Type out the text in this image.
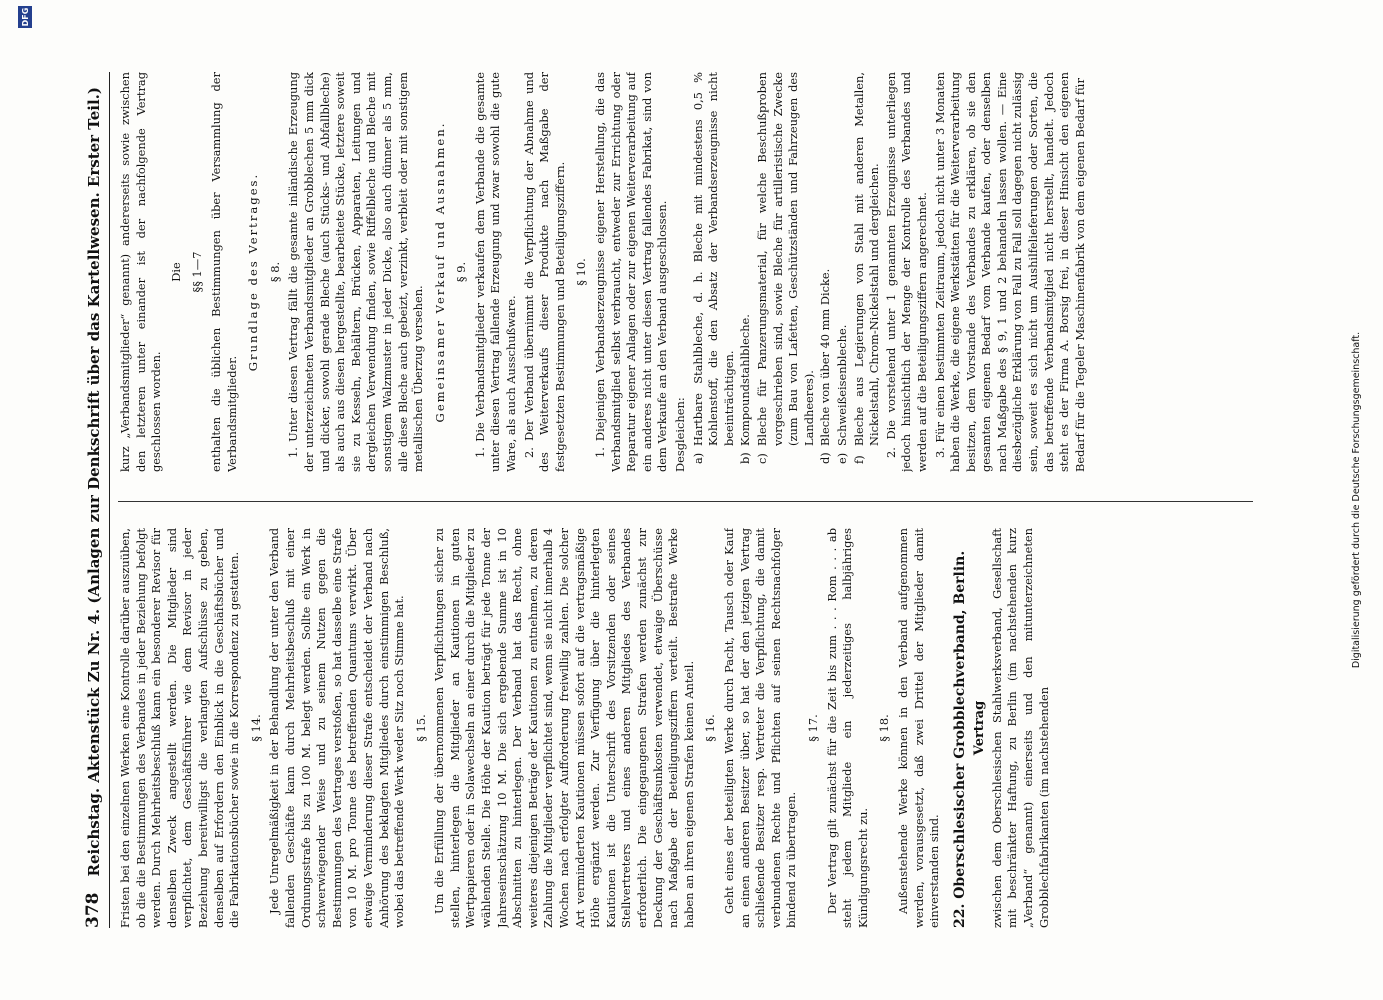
378
Reichstag. Aktenstück Zu Nr. 4. (Anlagen zur Denkschrift über das Kartellwesen. Erster Teil.) Fristen bei den einzelnen Werken eine Kontrolle darüber auszuüben, ob die die Bestimmungen des Verbandes in jeder Beziehung befolgt werden. Durch Mehrheitsbeschluß kann ein besonderer Revisor für denselben Zweck angestellt werden. Die Mitglieder sind verpflichtet, dem Geschäftsführer wie dem Revisor in jeder Beziehung bereitwilligst die verlangten Aufschlüsse zu geben, denselben auf Erfordern den Einblick in die Geschäftsbücher und die Fabrikationsbücher sowie in die Korrespondenz zu gestatten. § 14. Jede Unregelmäßigkeit in der Behandlung der unter den Verband fallenden Geschäfte kann durch Mehrheitsbeschluß mit einer Ordnungsstrafe bis zu 100 M. belegt werden. Sollte ein Werk in schwerwiegender Weise und zu seinem Nutzen gegen die Bestimmungen des Vertrages verstoßen, so hat dasselbe eine Strafe von 10 M. pro Tonne des betreffenden Quantums verwirkt. Über etwaige Verminderung dieser Strafe entscheidet der Verband nach Anhörung des beklagten Mitgliedes durch einstimmigen Beschluß, wobei das betreffende Werk weder Sitz noch Stimme hat. § 15. Um die Erfüllung der übernommenen Verpflichtungen sicher zu stellen, hinterlegen die Mitglieder an Kautionen in guten Wertpapieren oder in Solawechseln an einer durch die Mitglieder zu wählenden Stelle. Die Höhe der Kaution beträgt für jede Tonne der Jahreseinschätzung 10 M. Die sich ergebende Summe ist in 10 Abschnitten zu hinterlegen. Der Verband hat das Recht, ohne weiteres diejenigen Beträge der Kautionen zu entnehmen, zu deren Zahlung die Mitglieder verpflichtet sind, wenn sie nicht innerhalb 4 Wochen nach erfolgter Aufforderung freiwillig zahlen. Die solcher Art verminderten Kautionen müssen sofort auf die vertragsmäßige Höhe ergänzt werden. Zur Verfügung über die hinterlegten Kautionen ist die Unterschrift des Vorsitzenden oder seines Stellvertreters und eines anderen Mitgliedes des Verbandes erforderlich. Die eingegangenen Strafen werden zunächst zur Deckung der Geschäftsunkosten verwendet, etwaige Überschüsse nach Maßgabe der Beteiligungsziffern verteilt. Bestrafte Werke haben an ihren eigenen Strafen keinen Anteil. § 16. Geht eines der beteiligten Werke durch Pacht, Tausch oder Kauf an einen anderen Besitzer über, so hat der den jetzigen Vertrag schließende Besitzer resp. Vertreter die Verpflichtung, die damit verbundenen Rechte und Pflichten auf seinen Rechtsnachfolger bindend zu übertragen.

§ 17. Der Vertrag gilt zunächst für die Zeit bis zum . . . Rom . . . ab steht jedem Mitgliede ein jederzeitiges halbjähriges Kündigungsrecht zu.

§ 18. Außenstehende Werke können in den Verband aufgenommen werden, vorausgesetzt, daß zwei Drittel der Mitglieder damit einverstanden sind. 22. Oberschlesischer Grobblechverband, Berlin. Vertrag zwischen dem Oberschlesischen Stahlwerksverband, Gesellschaft mit beschränkter Haftung, zu Berlin (im nachstehenden kurz „Verband“ genannt) einerseits und den mitunterzeichneten Grobblechfabrikanten (im nachstehenden

kurz „Verbandsmitglieder“ genannt) andererseits sowie zwischen den letzteren unter einander ist der nachfolgende Vertrag geschlossen worden.

Die §§ 1—7 enthalten die üblichen Bestimmungen über Versammlung der Verbandsmitglieder.

Grundlage des Vertrages. § 8. 1. Unter diesen Vertrag fällt die gesamte inländische Erzeugung der unterzeichneten Verbandsmitglieder an Grobblechen 5 mm dick und dicker, sowohl gerade Bleche (auch Stücks- und Abfallbleche) als auch aus diesen hergestellte, bearbeitete Stücke, letztere soweit sie zu Kesseln, Behältern, Brücken, Apparaten, Leitungen und dergleichen Verwendung finden, sowie Riffelbleche und Bleche mit sonstigem Walzmuster in jeder Dicke, also auch dünner als 5 mm, alle diese Bleche auch gebeizt, verzinkt, verbleit oder mit sonstigem metallischen Überzug versehen. Gemeinsamer Verkauf und Ausnahmen. § 9. 1. Die Verbandsmitglieder verkaufen dem Verbande die gesamte unter diesen Vertrag fallende Erzeugung und zwar sowohl die gute Ware, als auch Ausschußware. 2. Der Verband übernimmt die Verpflichtung der Abnahme und des Weiterverkaufs dieser Produkte nach Maßgabe der festgesetzten Bestimmungen und Beteiligungsziffern. § 10. 1. Diejenigen Verbandserzeugnisse eigener Herstellung, die das Verbandsmitglied selbst verbraucht, entweder zur Errichtung oder Reparatur eigener Anlagen oder zur eigenen Weiterverarbeitung auf ein anderes nicht unter diesen Vertrag fallendes Fabrikat, sind von dem Verkaufe an den Verband ausgeschlossen. Desgleichen: a)Hartbare Stahlbleche, d. h. Bleche mit mindestens 0,5 % Kohlenstoff, die den Absatz der Verbandserzeugnisse nicht beeinträchtigen.
b)Kompoundstahlbleche.
c)Bleche für Panzerungsmaterial, für welche Beschußproben vorgeschrieben sind, sowie Bleche für artilleristische Zwecke (zum Bau von Lafetten, Geschützständen und Fahrzeugen des Landheeres).
d)Bleche von über 40 mm Dicke.
e)Schweißeisenbleche.
f)Bleche aus Legierungen von Stahl mit anderen Metallen, Nickelstahl, Chrom-Nickelstahl und dergleichen. 2. Die vorstehend unter 1 genannten Erzeugnisse unterliegen jedoch hinsichtlich der Menge der Kontrolle des Verbandes und werden auf die Beteiligungsziffern angerechnet. 3. Für einen bestimmten Zeitraum, jedoch nicht unter 3 Monaten haben die Werke, die eigene Werkstätten für die Weiterverarbeitung besitzen, dem Vorstande des Verbandes zu erklären, ob sie den gesamten eigenen Bedarf vom Verbande kaufen, oder denselben nach Maßgabe des § 9, 1 und 2 behandeln lassen wollen. — Eine diesbezügliche Erklärung von Fall zu Fall soll dagegen nicht zulässig sein, soweit es sich nicht um Aushilfelieferungen oder Sorten, die das betreffende Verbandsmitglied nicht herstellt, handelt. Jedoch steht es der Firma A. Borsig frei, in dieser Hinsicht den eigenen Bedarf für die Tegeler Maschinenfabrik von dem eigenen Bedarf für

Digitalisierung gefördert durch die Deutsche Forschungsgemeinschaft.
DFG
